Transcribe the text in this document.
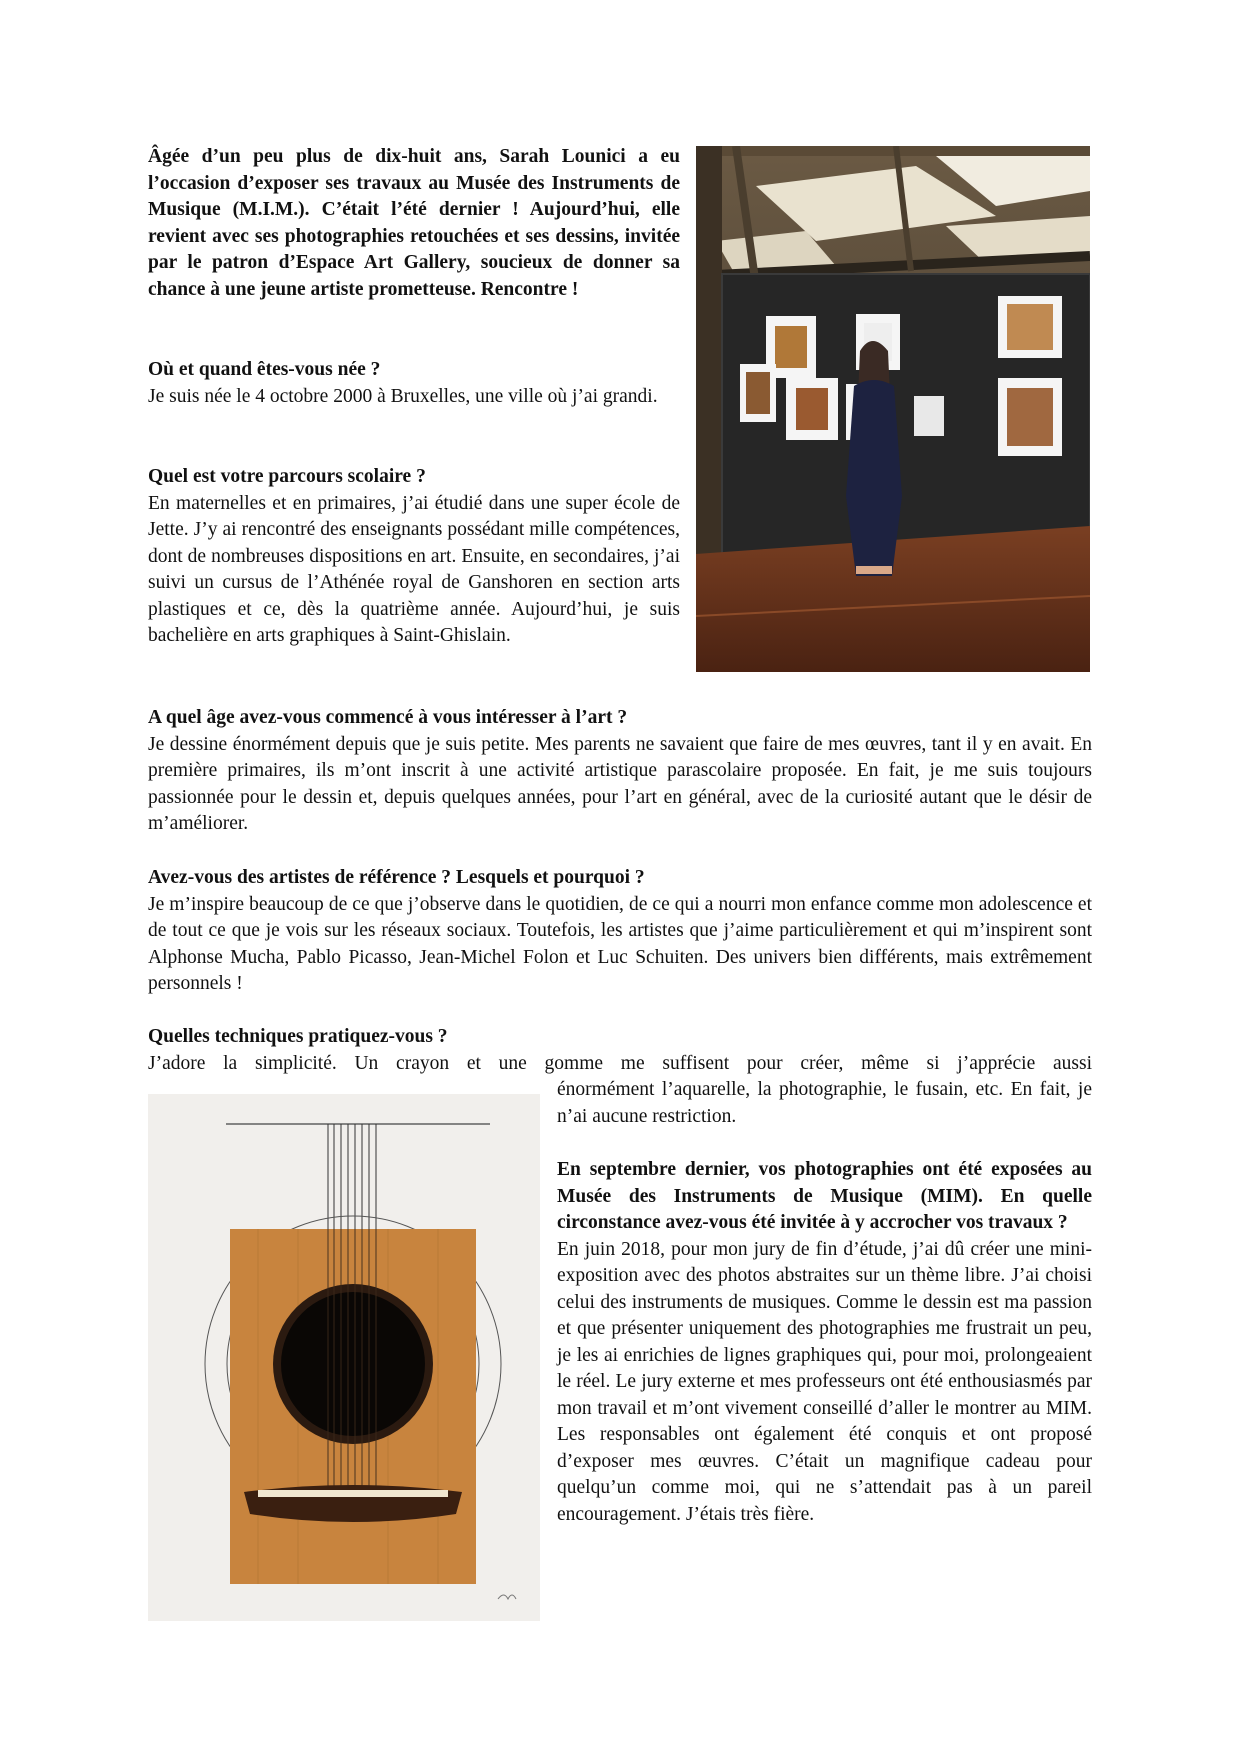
Âgée d’un peu plus de dix-huit ans, Sarah Lounici a eu l’occasion d’exposer ses travaux au Musée des Instruments de Musique (M.I.M.). C’était l’été dernier ! Aujourd’hui, elle revient avec ses photographies retouchées et ses dessins, invitée par le patron d’Espace Art Gallery, soucieux de donner sa chance à une jeune artiste prometteuse. Rencontre !

Où et quand êtes-vous née ?

Je suis née le 4 octobre 2000 à Bruxelles, une ville où j’ai grandi.

Quel est votre parcours scolaire ?

En maternelles et en primaires, j’ai étudié dans une super école de Jette. J’y ai rencontré des enseignants possédant mille compétences, dont de nombreuses dispositions en art. Ensuite, en secondaires, j’ai suivi un cursus de l’Athénée royal de Ganshoren en section arts plastiques et ce, dès la quatrième année. Aujourd’hui, je suis bachelière en arts graphiques à Saint-Ghislain.

A quel âge avez-vous commencé à vous intéresser à l’art ?

Je dessine énormément depuis que je suis petite. Mes parents ne savaient que faire de mes œuvres, tant il y en avait. En première primaires, ils m’ont inscrit à une activité artistique parascolaire proposée. En fait, je me suis toujours passionnée pour le dessin et, depuis quelques années, pour l’art en général, avec de la curiosité autant que le désir de m’améliorer.

Avez-vous des artistes de référence ? Lesquels et pourquoi ?

Je m’inspire beaucoup de ce que j’observe dans le quotidien, de ce qui a nourri mon enfance comme mon adolescence et de tout ce que je vois sur les réseaux sociaux. Toutefois, les artistes que j’aime particulièrement et qui m’inspirent sont Alphonse Mucha, Pablo Picasso, Jean-Michel Folon et Luc Schuiten. Des univers bien différents, mais extrêmement personnels !

Quelles techniques pratiquez-vous ?

J’adore la simplicité. Un crayon et une gomme me suffisent pour créer, même si j’apprécie aussi

énormément l’aquarelle, la photographie, le fusain, etc. En fait, je n’ai aucune restriction.

En septembre dernier, vos photographies ont été exposées au Musée des Instruments de Musique (MIM). En quelle circonstance avez-vous été invitée à y accrocher vos travaux ?

En juin 2018, pour mon jury de fin d’étude, j’ai dû créer une mini-exposition avec des photos abstraites sur un thème libre. J’ai choisi celui des instruments de musiques. Comme le dessin est ma passion et que présenter uniquement des photographies me frustrait un peu, je les ai enrichies de lignes graphiques qui, pour moi, prolongeaient le réel. Le jury externe et mes professeurs ont été enthousiasmés par mon travail et m’ont vivement conseillé d’aller le montrer au MIM. Les responsables ont également été conquis et ont proposé d’exposer mes œuvres. C’était un magnifique cadeau pour quelqu’un comme moi, qui ne s’attendait pas à un pareil encouragement. J’étais très fière.
